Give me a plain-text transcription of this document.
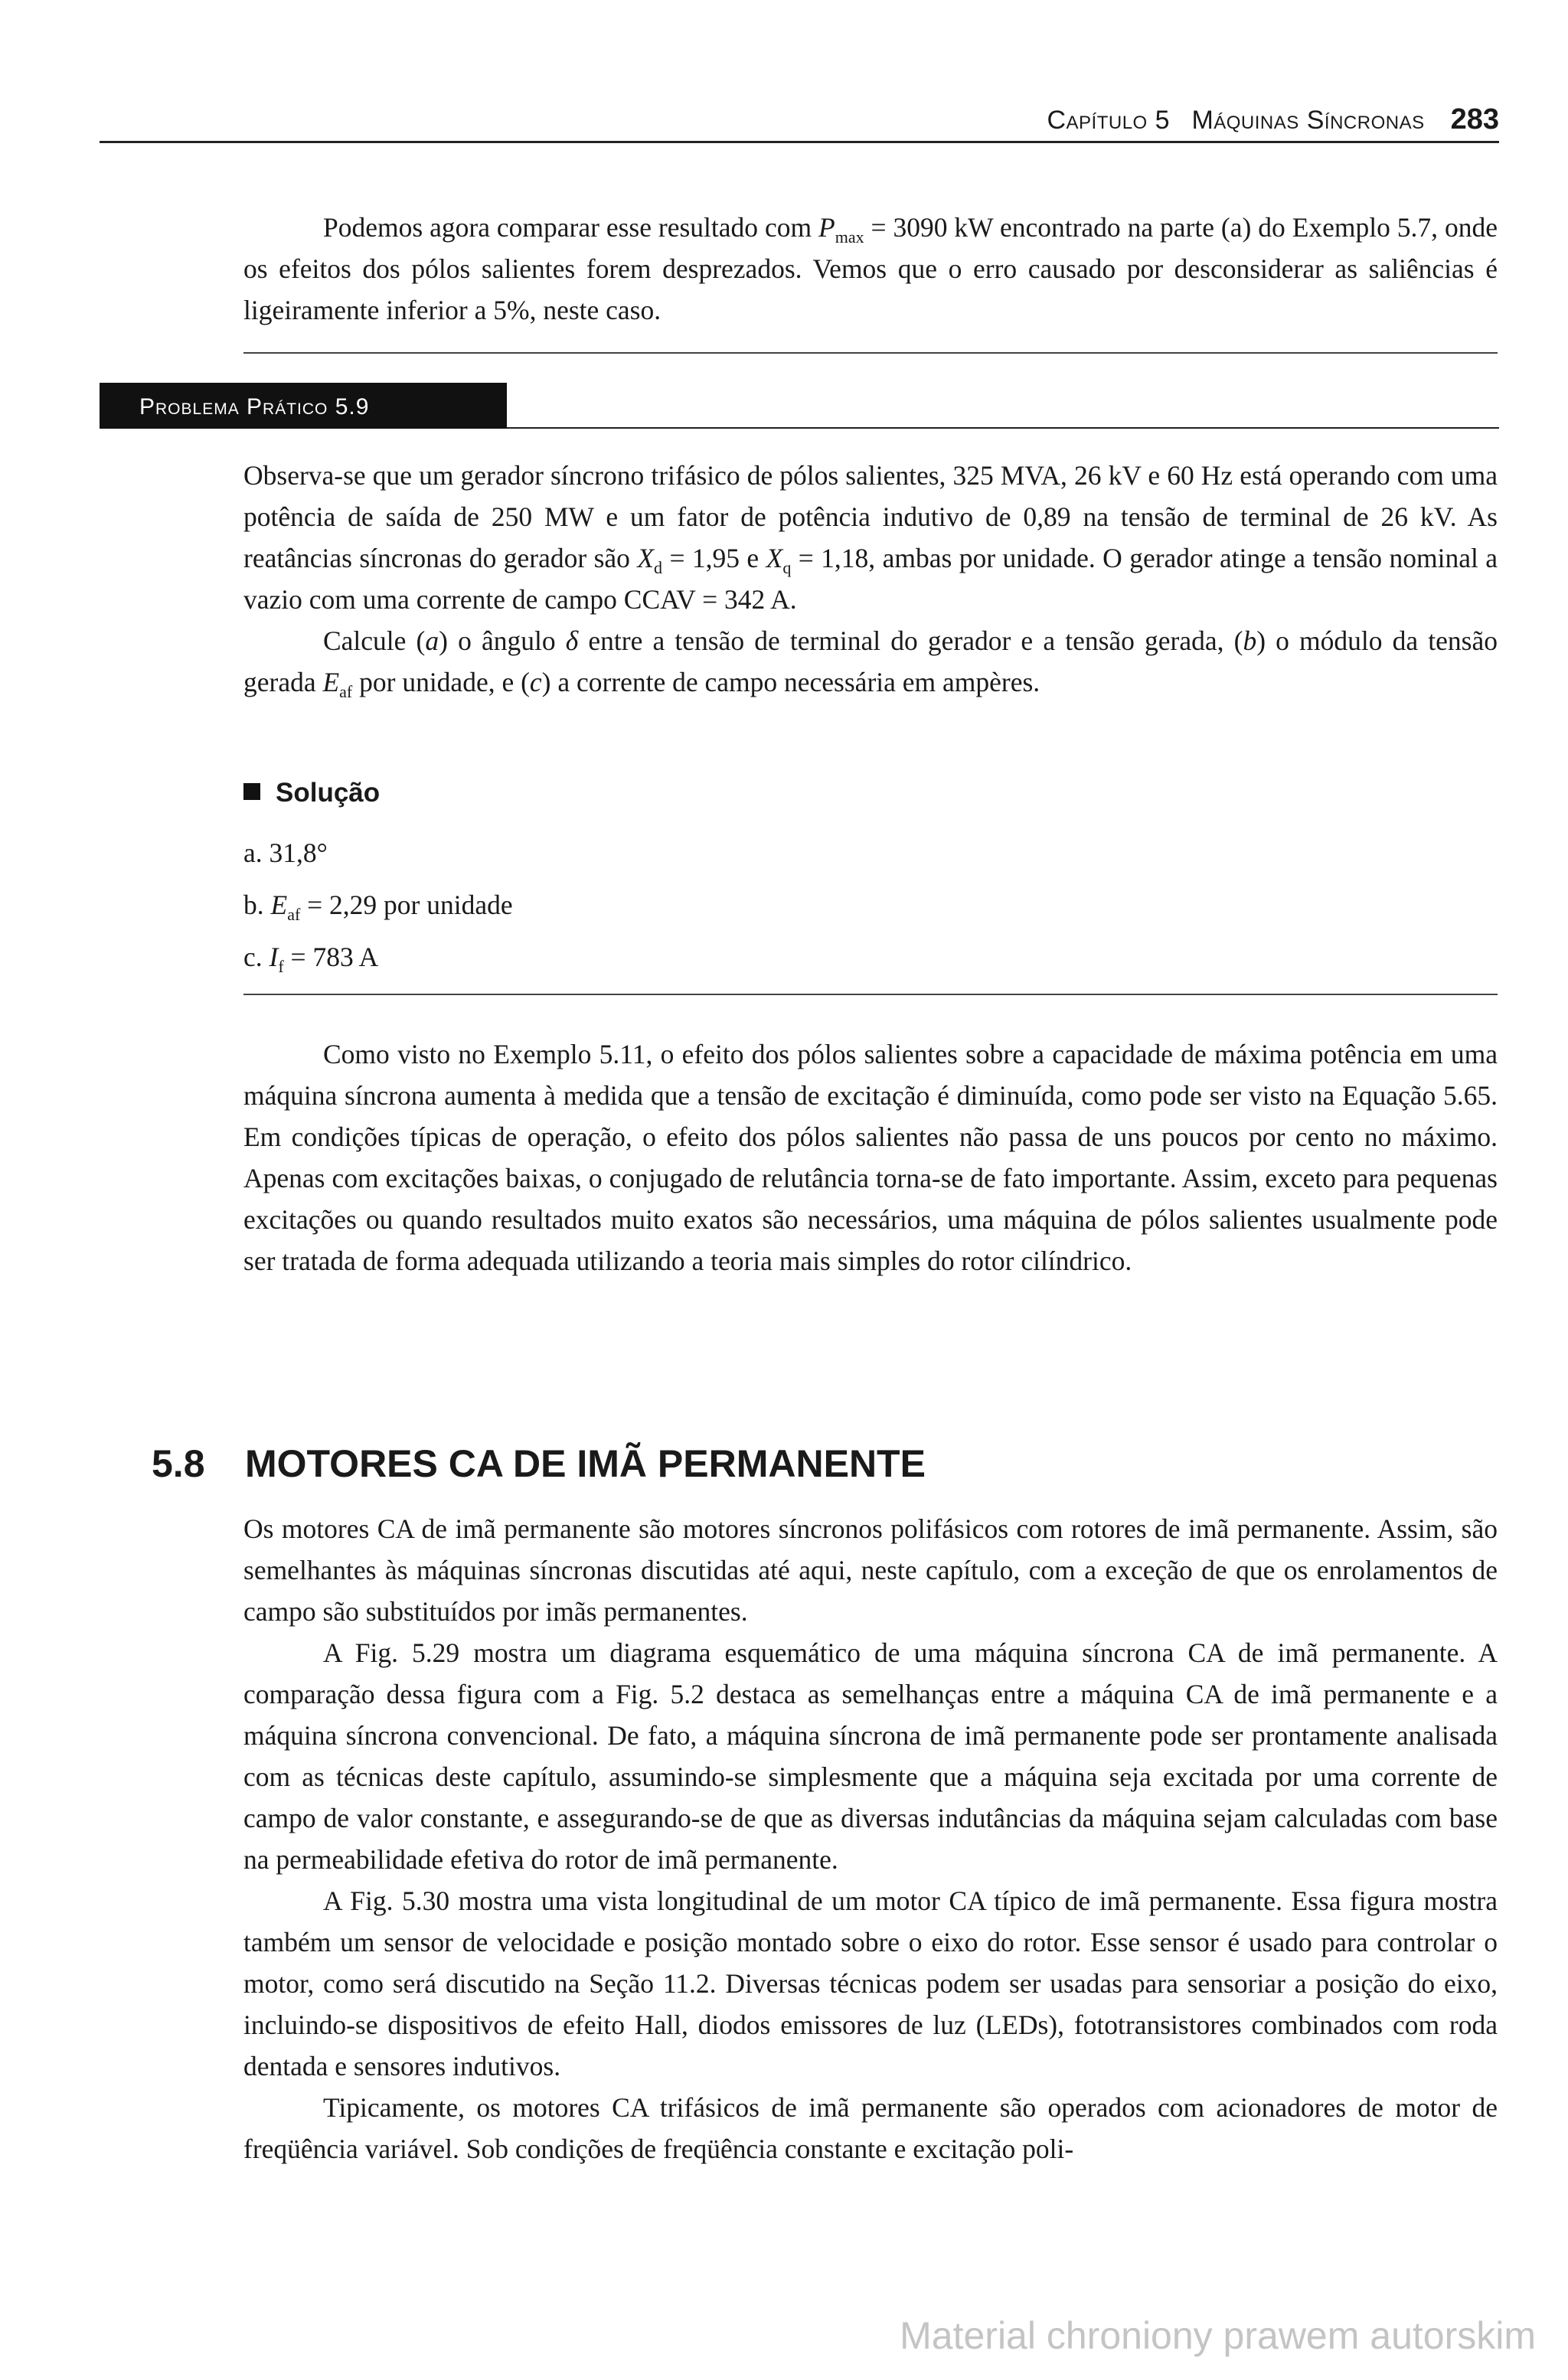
Capítulo 5 Máquinas Síncronas 283

Podemos agora comparar esse resultado com $P_{max} = 3090$ kW encontrado na parte (a) do Exemplo 5.7, onde os efeitos dos pólos salientes forem desprezados. Vemos que o erro causado por desconsiderar as saliências é ligeiramente inferior a 5%, neste caso.

Problema Prático 5.9

Observa-se que um gerador síncrono trifásico de pólos salientes, 325 MVA, 26 kV e 60 Hz está operando com uma potência de saída de 250 MW e um fator de potência indutivo de 0,89 na tensão de terminal de 26 kV. As reatâncias síncronas do gerador são $X_d = 1,95$ e $X_q = 1,18$, ambas por unidade. O gerador atinge a tensão nominal a vazio com uma corrente de campo CCAV = 342 A.

Calcule (a) o ângulo δ entre a tensão de terminal do gerador e a tensão gerada, (b) o módulo da tensão gerada $E_{af}$ por unidade, e (c) a corrente de campo necessária em ampères.

Solução
a. 31,8°
b. $E_{af} = 2,29$ por unidade
c. $I_f = 783$ A

Como visto no Exemplo 5.11, o efeito dos pólos salientes sobre a capacidade de máxima potência em uma máquina síncrona aumenta à medida que a tensão de excitação é diminuída, como pode ser visto na Equação 5.65. Em condições típicas de operação, o efeito dos pólos salientes não passa de uns poucos por cento no máximo. Apenas com excitações baixas, o conjugado de relutância torna-se de fato importante. Assim, exceto para pequenas excitações ou quando resultados muito exatos são necessários, uma máquina de pólos salientes usualmente pode ser tratada de forma adequada utilizando a teoria mais simples do rotor cilíndrico.

5.8 MOTORES CA DE IMÃ PERMANENTE

Os motores CA de imã permanente são motores síncronos polifásicos com rotores de imã permanente. Assim, são semelhantes às máquinas síncronas discutidas até aqui, neste capítulo, com a exceção de que os enrolamentos de campo são substituídos por imãs permanentes.

A Fig. 5.29 mostra um diagrama esquemático de uma máquina síncrona CA de imã permanente. A comparação dessa figura com a Fig. 5.2 destaca as semelhanças entre a máquina CA de imã permanente e a máquina síncrona convencional. De fato, a máquina síncrona de imã permanente pode ser prontamente analisada com as técnicas deste capítulo, assumindo-se simplesmente que a máquina seja excitada por uma corrente de campo de valor constante, e assegurando-se de que as diversas indutâncias da máquina sejam calculadas com base na permeabilidade efetiva do rotor de imã permanente.

A Fig. 5.30 mostra uma vista longitudinal de um motor CA típico de imã permanente. Essa figura mostra também um sensor de velocidade e posição montado sobre o eixo do rotor. Esse sensor é usado para controlar o motor, como será discutido na Seção 11.2. Diversas técnicas podem ser usadas para sensoriar a posição do eixo, incluindo-se dispositivos de efeito Hall, diodos emissores de luz (LEDs), fototransistores combinados com roda dentada e sensores indutivos.

Tipicamente, os motores CA trifásicos de imã permanente são operados com acionadores de motor de freqüência variável. Sob condições de freqüência constante e excitação poli-

Material chroniony prawem autorskim
